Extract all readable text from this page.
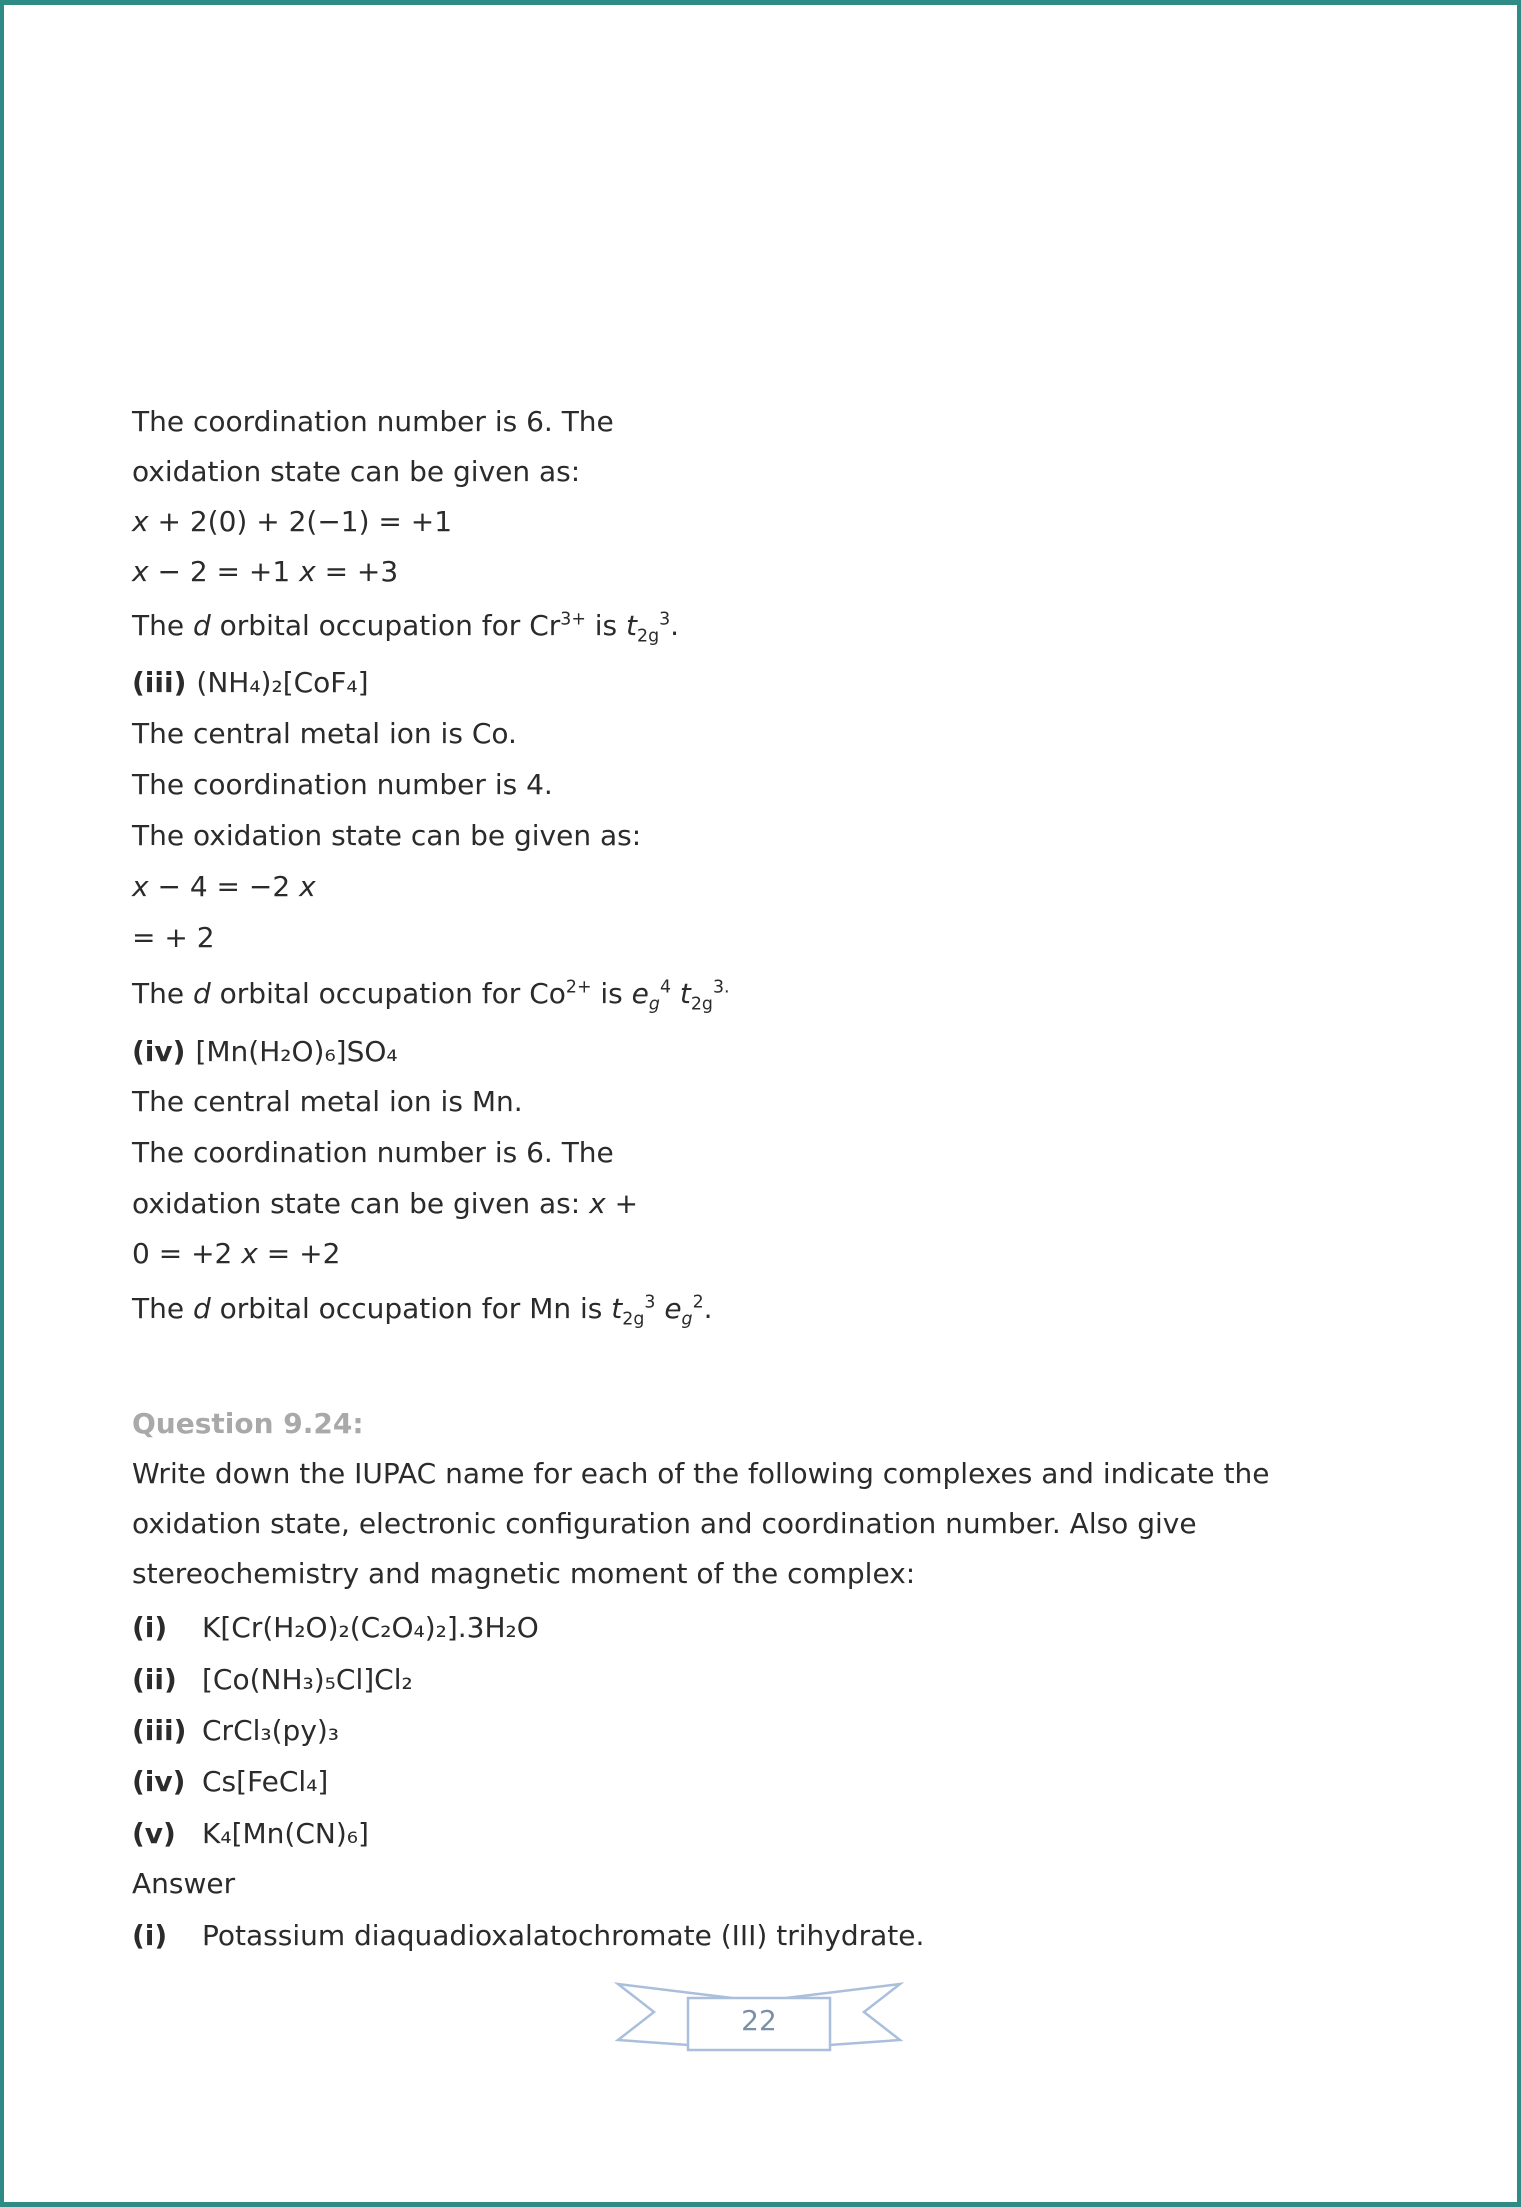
The coordination number is 6. The
oxidation state can be given as:
x + 2(0) + 2(−1) = +1
x − 2 = +1 x = +3
The d orbital occupation for $Cr^{3+}$ is $t_{2g}^3$.
(iii) (NH₄)₂[CoF₄]
The central metal ion is Co.
The coordination number is 4.
The oxidation state can be given as:
x − 4 = −2 x
= + 2
The d orbital occupation for $Co^{2+}$ is $e_g^4$ $t_{2g}^{3.}$
(iv) [Mn(H₂O)₆]SO₄
The central metal ion is Mn.
The coordination number is 6. The
oxidation state can be given as: x +
0 = +2 x = +2
The d orbital occupation for Mn is $t_{2g}^3$ $e_g^2$.
Question 9.24:
Write down the IUPAC name for each of the following complexes and indicate the
oxidation state, electronic configuration and coordination number. Also give
stereochemistry and magnetic moment of the complex:
(i) K[Cr(H₂O)₂(C₂O₄)₂].3H₂O
(ii) [Co(NH₃)₅Cl]Cl₂
(iii) CrCl₃(py)₃
(iv) Cs[FeCl₄]
(v) K₄[Mn(CN)₆]
Answer
(i) Potassium diaquadioxalatochromate (III) trihydrate.
22
